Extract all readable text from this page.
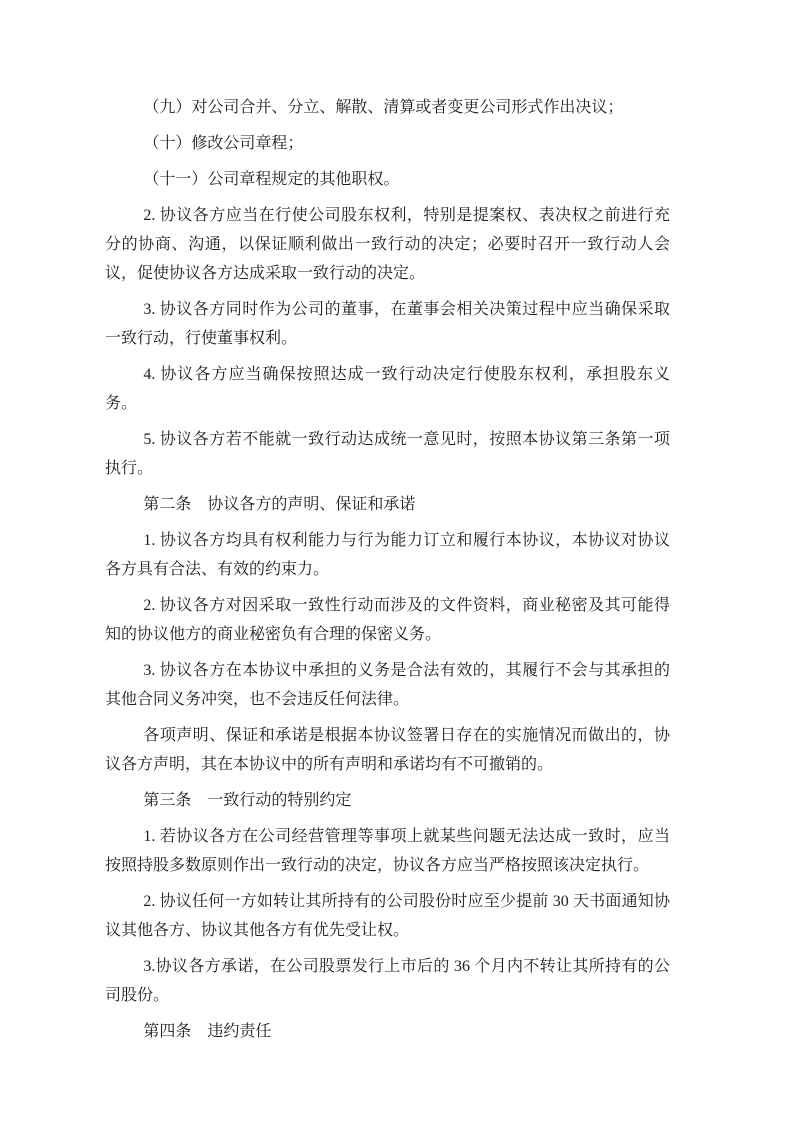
（九）对公司合并、分立、解散、清算或者变更公司形式作出决议；

（十）修改公司章程；

（十一）公司章程规定的其他职权。

2. 协议各方应当在行使公司股东权利，特别是提案权、表决权之前进行充分的协商、沟通，以保证顺利做出一致行动的决定；必要时召开一致行动人会议，促使协议各方达成采取一致行动的决定。

3. 协议各方同时作为公司的董事，在董事会相关决策过程中应当确保采取一致行动，行使董事权利。

4. 协议各方应当确保按照达成一致行动决定行使股东权利，承担股东义务。

5. 协议各方若不能就一致行动达成统一意见时，按照本协议第三条第一项执行。

第二条　协议各方的声明、保证和承诺

1. 协议各方均具有权利能力与行为能力订立和履行本协议，本协议对协议各方具有合法、有效的约束力。

2. 协议各方对因采取一致性行动而涉及的文件资料，商业秘密及其可能得知的协议他方的商业秘密负有合理的保密义务。

3. 协议各方在本协议中承担的义务是合法有效的，其履行不会与其承担的其他合同义务冲突，也不会违反任何法律。

各项声明、保证和承诺是根据本协议签署日存在的实施情况而做出的，协议各方声明，其在本协议中的所有声明和承诺均有不可撤销的。

第三条　一致行动的特别约定

1. 若协议各方在公司经营管理等事项上就某些问题无法达成一致时，应当按照持股多数原则作出一致行动的决定，协议各方应当严格按照该决定执行。

2. 协议任何一方如转让其所持有的公司股份时应至少提前 30 天书面通知协议其他各方、协议其他各方有优先受让权。

3.协议各方承诺，在公司股票发行上市后的 36 个月内不转让其所持有的公司股份。

第四条　违约责任
